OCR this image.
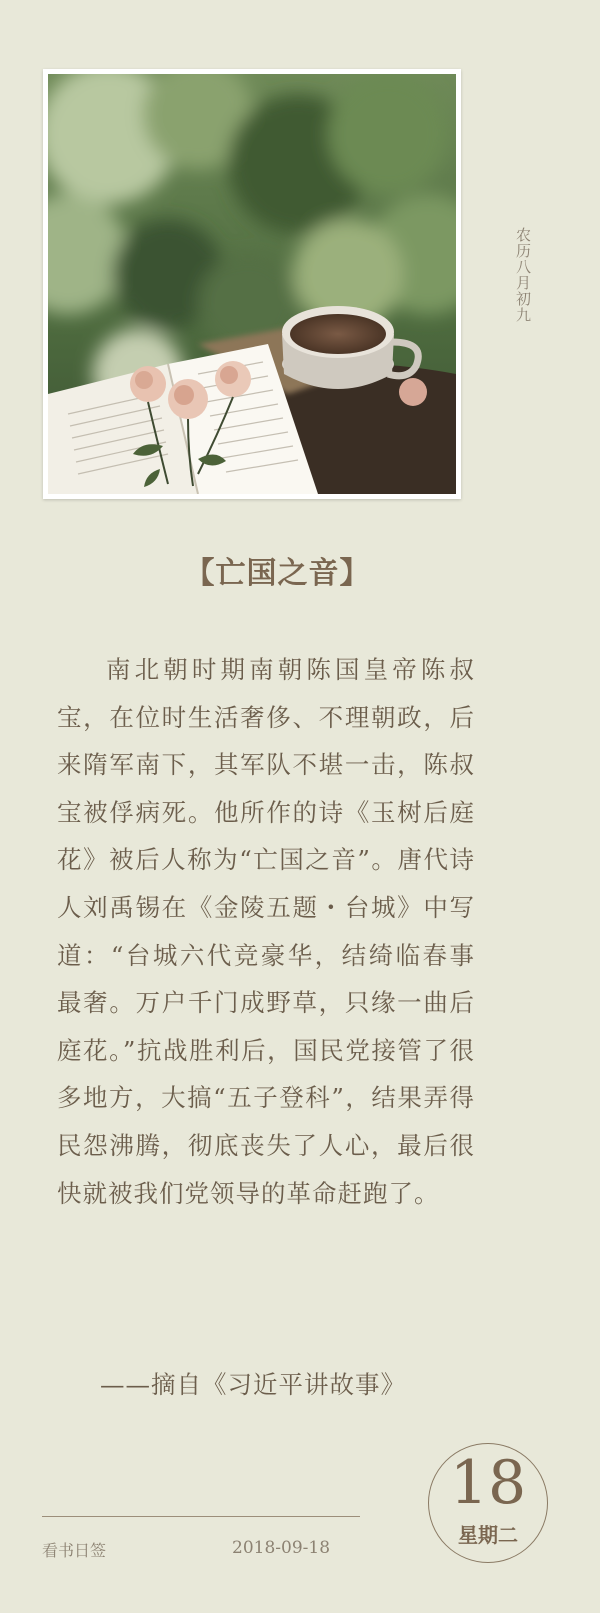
农历八月初九
【亡国之音】
南北朝时期南朝陈国皇帝陈叔宝，在位时生活奢侈、不理朝政，后来隋军南下，其军队不堪一击，陈叔宝被俘病死。他所作的诗《玉树后庭花》被后人称为“亡国之音”。唐代诗人刘禹锡在《金陵五题・台城》中写道：“台城六代竞豪华，结绮临春事最奢。万户千门成野草，只缘一曲后庭花。”抗战胜利后，国民党接管了很多地方，大搞“五子登科”，结果弄得民怨沸腾，彻底丧失了人心，最后很快就被我们党领导的革命赶跑了。
——摘自《习近平讲故事》
看书日签	2018-09-18
18
星期二
